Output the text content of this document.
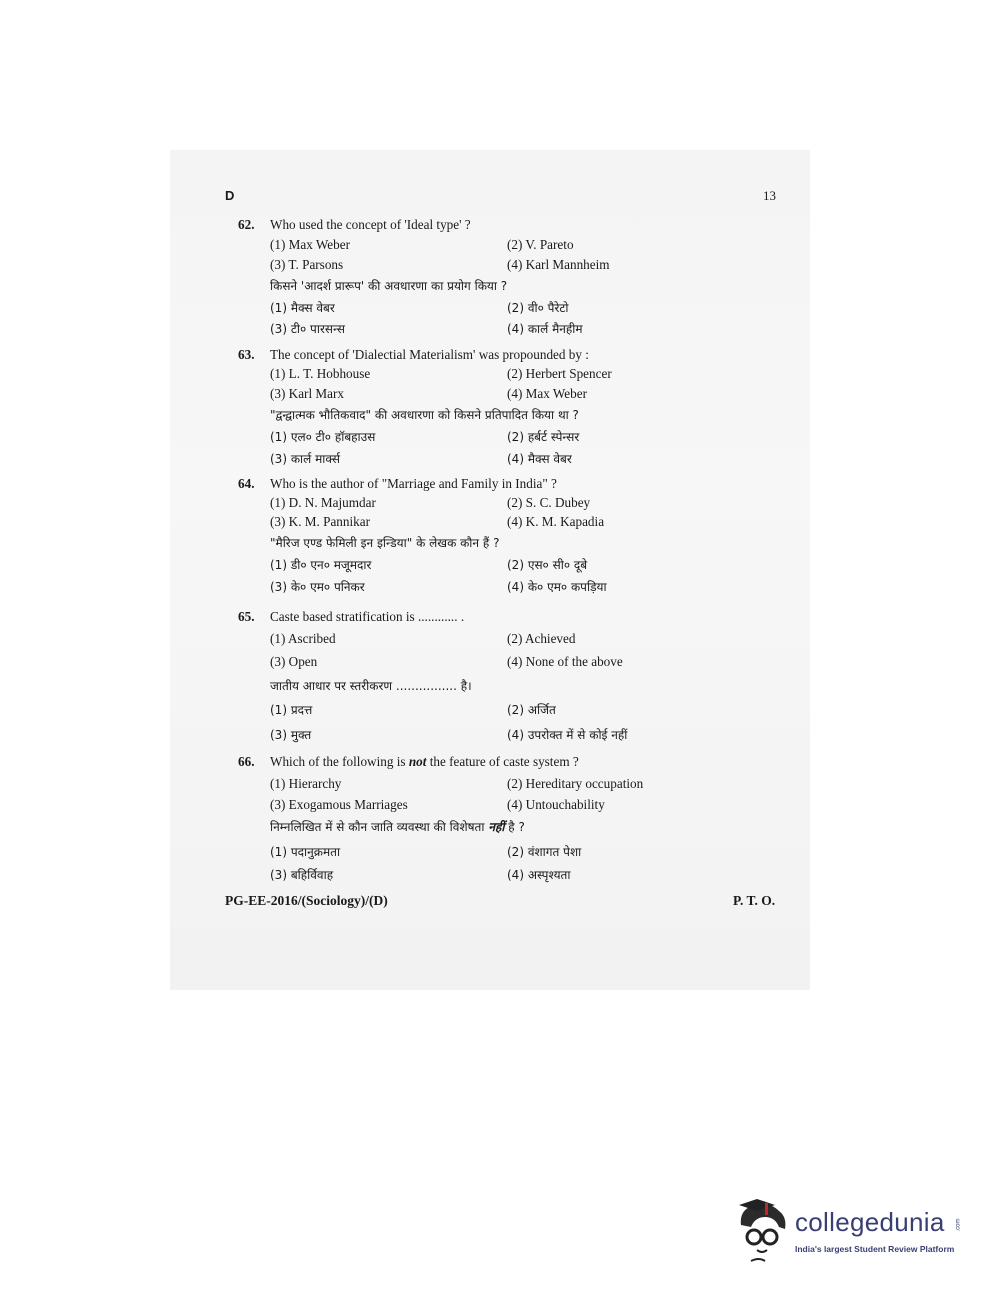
D	13
62. Who used the concept of 'Ideal type' ?
(1) Max Weber	(2) V. Pareto
(3) T. Parsons	(4) Karl Mannheim
किसने 'आदर्श प्रारूप' की अवधारणा का प्रयोग किया ?
(1) मैक्स वेबर	(2) वी० पैरेटो
(3) टी० पारसन्स	(4) कार्ल मैनहीम
63. The concept of 'Dialectial Materialism' was propounded by :
(1) L. T. Hobhouse	(2) Herbert Spencer
(3) Karl Marx	(4) Max Weber
"द्वन्द्वात्मक भौतिकवाद" की अवधारणा को किसने प्रतिपादित किया था ?
(1) एल० टी० हॉबहाउस	(2) हर्बर्ट स्पेन्सर
(3) कार्ल मार्क्स	(4) मैक्स वेबर
64. Who is the author of "Marriage and Family in India" ?
(1) D. N. Majumdar	(2) S. C. Dubey
(3) K. M. Pannikar	(4) K. M. Kapadia
"मैरिज एण्ड फेमिली इन इन्डिया" के लेखक कौन हैं ?
(1) डी० एन० मजूमदार	(2) एस० सी० दूबे
(3) के० एम० पनिकर	(4) के० एम० कपड़िया
65. Caste based stratification is ............ .
(1) Ascribed	(2) Achieved
(3) Open	(4) None of the above
जातीय आधार पर स्तरीकरण ................ है।
(1) प्रदत्त	(2) अर्जित
(3) मुक्त	(4) उपरोक्त में से कोई नहीं
66. Which of the following is not the feature of caste system ?
(1) Hierarchy	(2) Hereditary occupation
(3) Exogamous Marriages	(4) Untouchability
निम्नलिखित में से कौन जाति व्यवस्था की विशेषता नहीं है ?
(1) पदानुक्रमता	(2) वंशागत पेशा
(3) बहिर्विवाह	(4) अस्पृश्यता
PG-EE-2016/(Sociology)/(D)	P. T. O.
collegedunia .com
India's largest Student Review Platform
